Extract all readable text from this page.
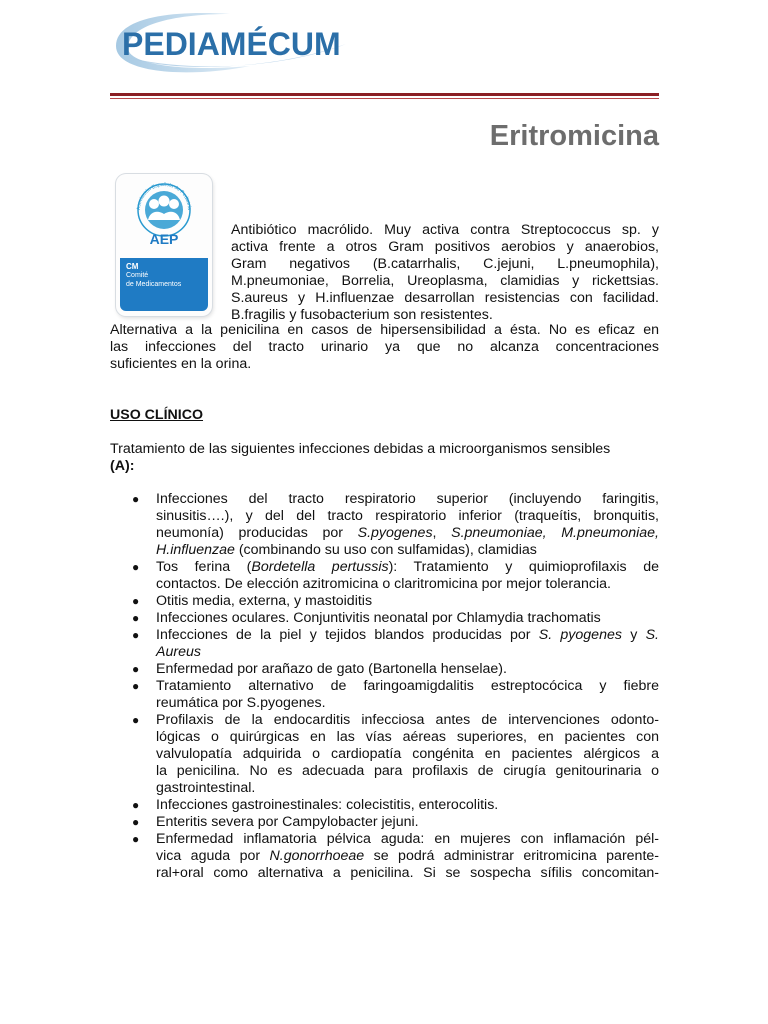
PEDIAMÉCUM
Eritromicina
Asociación Española de Pediatría
AEP
CM
Comité
de Medicamentos
Antibiótico macrólido. Muy activa contra Streptococcus sp. y
activa frente a otros Gram positivos aerobios y anaerobios,
Gram negativos (B.catarrhalis, C.jejuni, L.pneumophila),
M.pneumoniae, Borrelia, Ureoplasma, clamidias y rickettsias.
S.aureus y H.influenzae desarrollan resistencias con facilidad.
B.fragilis y fusobacterium son resistentes.
Alternativa a la penicilina en casos de hipersensibilidad a ésta. No es eficaz en
las infecciones del tracto urinario ya que no alcanza concentraciones
suficientes en la orina.
USO CLÍNICO
Tratamiento de las siguientes infecciones debidas a microorganismos sensibles
(A):
● Infecciones del tracto respiratorio superior (incluyendo faringitis,
sinusitis….), y del del tracto respiratorio inferior (traqueítis, bronquitis,
neumonía) producidas por S.pyogenes, S.pneumoniae, M.pneumoniae,
H.influenzae (combinando su uso con sulfamidas), clamidias
● Tos ferina (Bordetella pertussis): Tratamiento y quimioprofilaxis de
contactos. De elección azitromicina o claritromicina por mejor tolerancia.
● Otitis media, externa, y mastoiditis
● Infecciones oculares. Conjuntivitis neonatal por Chlamydia trachomatis
● Infecciones de la piel y tejidos blandos producidas por S. pyogenes y S.
Aureus
● Enfermedad por arañazo de gato (Bartonella henselae).
● Tratamiento alternativo de faringoamigdalitis estreptocócica y fiebre
reumática por S.pyogenes.
● Profilaxis de la endocarditis infecciosa antes de intervenciones odonto-
lógicas o quirúrgicas en las vías aéreas superiores, en pacientes con
valvulopatía adquirida o cardiopatía congénita en pacientes alérgicos a
la penicilina. No es adecuada para profilaxis de cirugía genitourinaria o
gastrointestinal.
● Infecciones gastroinestinales: colecistitis, enterocolitis.
● Enteritis severa por Campylobacter jejuni.
● Enfermedad inflamatoria pélvica aguda: en mujeres con inflamación pél-
vica aguda por N.gonorrhoeae se podrá administrar eritromicina parente-
ral+oral como alternativa a penicilina. Si se sospecha sífilis concomitan-
